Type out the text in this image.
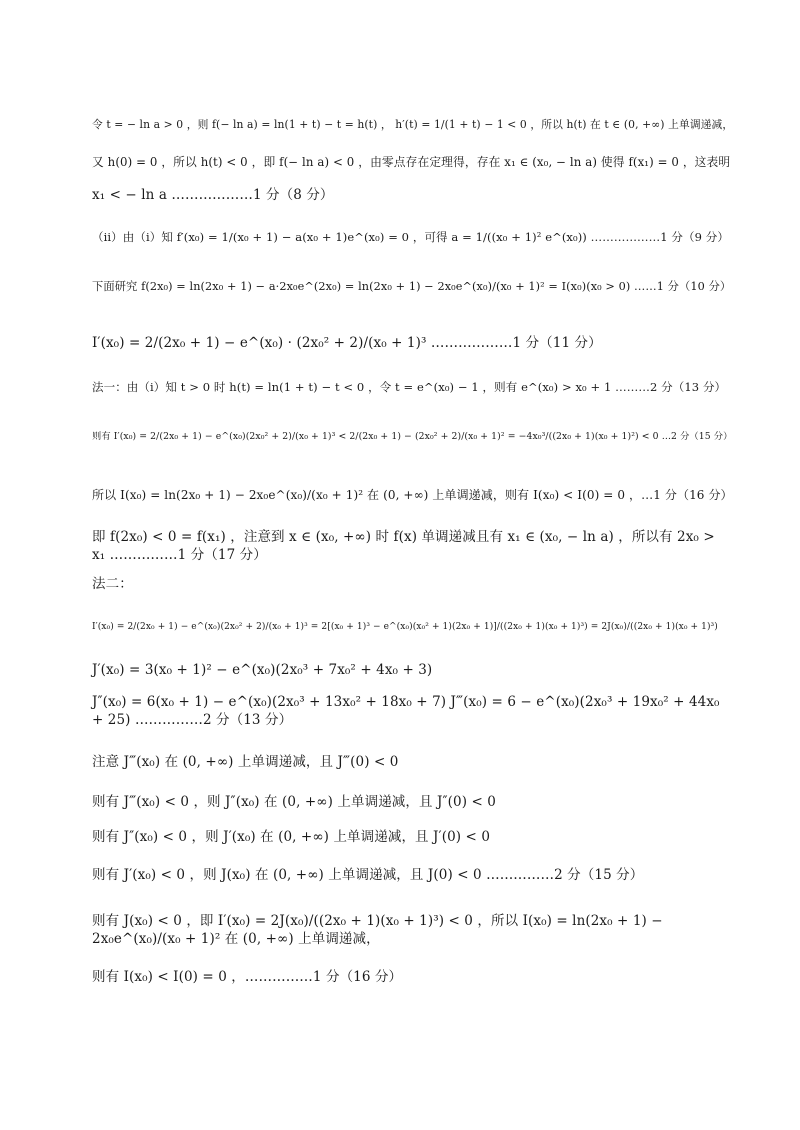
令 t = − ln a > 0 ，则 f(− ln a) = ln(1 + t) − t = h(t) ， h′(t) = 1/(1 + t) − 1 < 0 ，所以 h(t) 在 t ∈ (0, +∞) 上单调递减，
又 h(0) = 0 ，所以 h(t) < 0 ，即 f(− ln a) < 0 ，由零点存在定理得，存在 x₁ ∈ (x₀, − ln a) 使得 f(x₁) = 0 ，这表明
x₁ < − ln a ………………1 分（8 分）
（ii）由（i）知 f′(x₀) = 1/(x₀ + 1) − a(x₀ + 1)e^(x₀) = 0 ，可得 a = 1/((x₀ + 1)² e^(x₀)) ………………1 分（9 分）
下面研究 f(2x₀) = ln(2x₀ + 1) − a·2x₀e^(2x₀) = ln(2x₀ + 1) − 2x₀e^(x₀)/(x₀ + 1)² = I(x₀)(x₀ > 0) ……1 分（10 分）
I′(x₀) = 2/(2x₀ + 1) − e^(x₀) · (2x₀² + 2)/(x₀ + 1)³ ………………1 分（11 分）
法一：由（i）知 t > 0 时 h(t) = ln(1 + t) − t < 0 ，令 t = e^(x₀) − 1 ，则有 e^(x₀) > x₀ + 1 ………2 分（13 分）
则有 I′(x₀) = 2/(2x₀ + 1) − e^(x₀)(2x₀² + 2)/(x₀ + 1)³ < 2/(2x₀ + 1) − (2x₀² + 2)/(x₀ + 1)² = −4x₀³/((2x₀ + 1)(x₀ + 1)²) < 0 …2 分（15 分）
所以 I(x₀) = ln(2x₀ + 1) − 2x₀e^(x₀)/(x₀ + 1)² 在 (0, +∞) 上单调递减，则有 I(x₀) < I(0) = 0 ，…1 分（16 分）
即 f(2x₀) < 0 = f(x₁) ，注意到 x ∈ (x₀, +∞) 时 f(x) 单调递减且有 x₁ ∈ (x₀, − ln a) ，所以有 2x₀ > x₁ ……………1 分（17 分）
法二：
I′(x₀) = 2/(2x₀ + 1) − e^(x₀)(2x₀² + 2)/(x₀ + 1)³ = 2[(x₀ + 1)³ − e^(x₀)(x₀² + 1)(2x₀ + 1)]/((2x₀ + 1)(x₀ + 1)³) = 2J(x₀)/((2x₀ + 1)(x₀ + 1)³)
J′(x₀) = 3(x₀ + 1)² − e^(x₀)(2x₀³ + 7x₀² + 4x₀ + 3)
J″(x₀) = 6(x₀ + 1) − e^(x₀)(2x₀³ + 13x₀² + 18x₀ + 7) J‴(x₀) = 6 − e^(x₀)(2x₀³ + 19x₀² + 44x₀ + 25) ……………2 分（13 分）
注意 J‴(x₀) 在 (0, +∞) 上单调递减，且 J‴(0) < 0
则有 J‴(x₀) < 0 ，则 J″(x₀) 在 (0, +∞) 上单调递减，且 J″(0) < 0
则有 J″(x₀) < 0 ，则 J′(x₀) 在 (0, +∞) 上单调递减，且 J′(0) < 0
则有 J′(x₀) < 0 ，则 J(x₀) 在 (0, +∞) 上单调递减，且 J(0) < 0 ……………2 分（15 分）
则有 J(x₀) < 0 ，即 I′(x₀) = 2J(x₀)/((2x₀ + 1)(x₀ + 1)³) < 0 ，所以 I(x₀) = ln(2x₀ + 1) − 2x₀e^(x₀)/(x₀ + 1)² 在 (0, +∞) 上单调递减，
则有 I(x₀) < I(0) = 0 ，……………1 分（16 分）
